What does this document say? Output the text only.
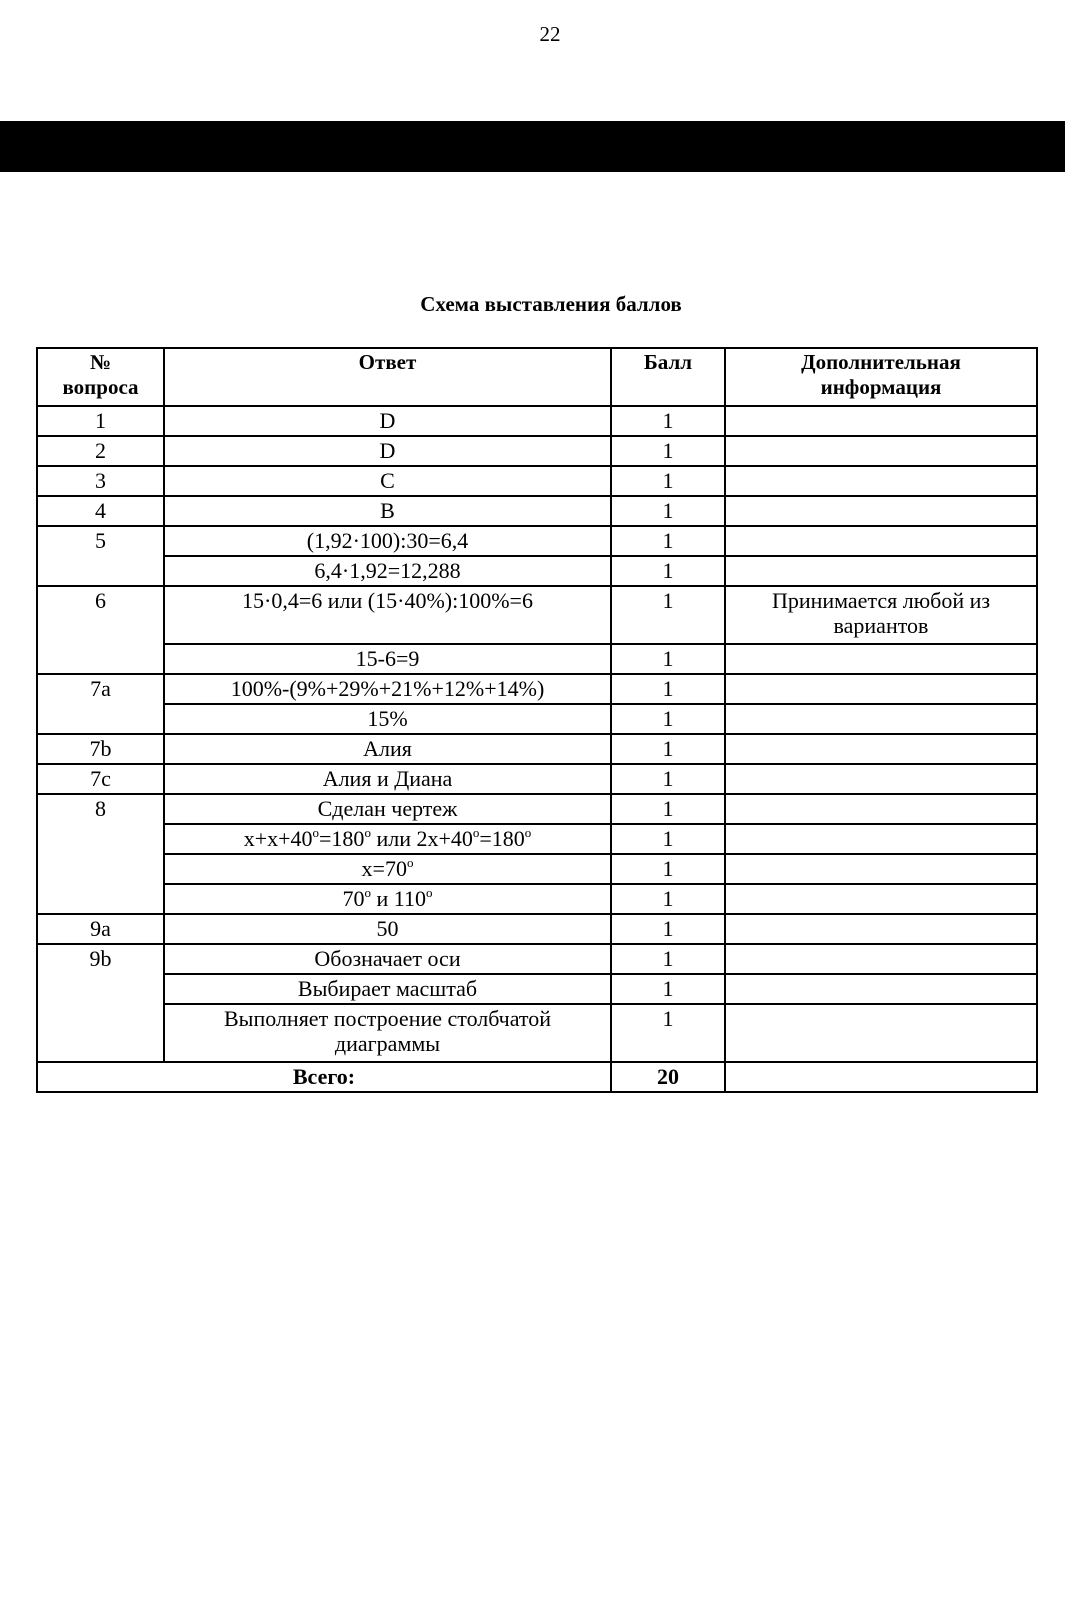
22
Схема выставления баллов
№
вопроса	Ответ	Балл	Дополнительная
информация
1	D	1	
2	D	1	
3	C	1	
4	B	1	
5	(1,92·100):30=6,4	1	
	6,4·1,92=12,288	1	
6	15·0,4=6 или (15·40%):100%=6	1	Принимается любой из
вариантов
	15-6=9	1	
7a	100%-(9%+29%+21%+12%+14%)	1	
	15%	1	
7b	Алия	1	
7c	Алия и Диана	1	
8	Сделан чертеж	1	
	$x+x+40^o=180^o$ или $2x+40^o=180^o$	1	
	$x=70^o$	1	
	70$^o$ и 110$^o$	1	
9a	50	1	
9b	Обозначает оси	1	
	Выбирает масштаб	1	
	Выполняет построение столбчатой
диаграммы	1	
Всего:		20	
